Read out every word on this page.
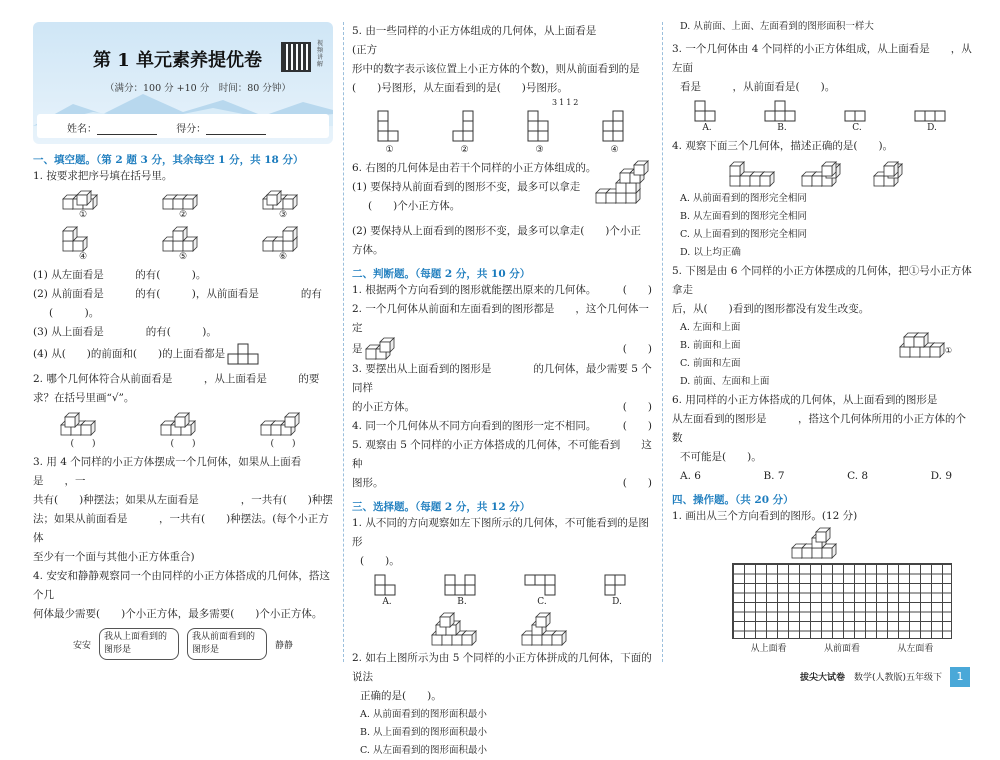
第 1 单元素养提优卷
视频讲解
（满分：100 分 +10 分　时间：80 分钟）
姓名：	得分：
一、填空题。（第 2 题 3 分，其余每空 1 分，共 18 分）
1. 按要求把序号填在括号里。
①	②	③
④	⑤	⑥
(1) 从左面看是　　　的有(　　　)。
(2) 从前面看是　　　的有(　　　)，从前面看是　　　　的有
(　　　)。
(3) 从上面看是　　　　的有(　　　)。
(4) 从(　　)的前面和(　　)的上面看都是
2. 哪个几何体符合从前面看是　　　，从上面看是　　　的要
求？在括号里画“√”。
(　　)	(　　)	(　　)
3. 用 4 个同样的小正方体摆成一个几何体，如果从上面看是　　，一
共有(　　)种摆法；如果从左面看是　　　　，一共有(　　)种摆
法；如果从前面看是　　　，一共有(　　)种摆法。(每个小正方体
至少有一个面与其他小正方体重合)
4. 安安和静静观察同一个由同样的小正方体搭成的几何体，搭这个几
何体最少需要(　　)个小正方体，最多需要(　　)个小正方体。
安安
我从上面看到的图形是
我从前面看到的图形是	静静
5. 由一些同样的小正方体组成的几何体，从上面看是　　　　(正方
形中的数字表示该位置上小正方体的个数)，则从前面看到的是
(　　)号图形，从左面看到的是(　　)号图形。
3 1 1 2
①	②	③	④
6. 右图的几何体是由若干个同样的小正方体组成的。
(1) 要保持从前面看到的图形不变，最多可以拿走
(　　)个小正方体。
(2) 要保持从上面看到的图形不变，最多可以拿走(　　)个小正
方体。
二、判断题。（每题 2 分，共 10 分）
1. 根据两个方向看到的图形就能摆出原来的几何体。	(　　)
2. 一个几何体从前面和左面看到的图形都是　　，这个几何体一定
是	(　　)
3. 要摆出从上面看到的图形是　　　　的几何体，最少需要 5 个同样
的小正方体。	(　　)
4. 同一个几何体从不同方向看到的图形一定不相同。	(　　)
5. 观察由 5 个同样的小正方体搭成的几何体，不可能看到　　这种
图形。	(　　)
三、选择题。（每题 2 分，共 12 分）
1. 从不同的方向观察如左下图所示的几何体，不可能看到的是图形
(　　)。
A.	B.	C.	D.
2. 如右上图所示为由 5 个同样的小正方体拼成的几何体，下面的说法
正确的是(　　)。
A. 从前面看到的图形面积最小
B. 从上面看到的图形面积最小
C. 从左面看到的图形面积最小
D. 从前面、上面、左面看到的图形面积一样大
3. 一个几何体由 4 个同样的小正方体组成，从上面看是　　，从左面
看是　　　，从前面看是(　　)。
A.	B.	C.	D.
4. 观察下面三个几何体，描述正确的是(　　)。
A. 从前面看到的图形完全相同
B. 从左面看到的图形完全相同
C. 从上面看到的图形完全相同
D. 以上均正确
5. 下图是由 6 个同样的小正方体摆成的几何体，把①号小正方体拿走
后，从(　　)看到的图形都没有发生改变。
A. 左面和上面
B. 前面和上面
C. 前面和左面
D. 前面、左面和上面
①
6. 用同样的小正方体搭成的几何体，从上面看到的图形是
从左面看到的图形是　　　，搭这个几何体所用的小正方体的个数
不可能是(　　)。
A. 6	B. 7	C. 8	D. 9
四、操作题。（共 20 分）
1. 画出从三个方向看到的图形。(12 分)
从上面看	从前面看	从左面看
拔尖大试卷　 数学(人教版)五年级下	1
